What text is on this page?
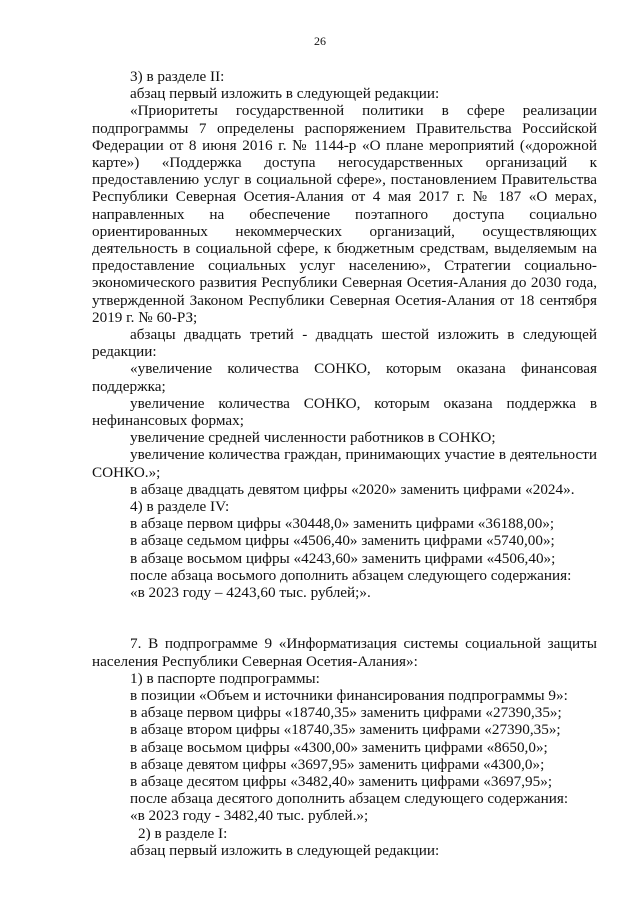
26

3) в разделе II:

абзац первый изложить в следующей редакции:

«Приоритеты государственной политики в сфере реализации подпрограммы 7 определены распоряжением Правительства Российской Федерации от 8 июня 2016 г. № 1144-р «О плане мероприятий («дорожной карте») «Поддержка доступа негосударственных организаций к предоставлению услуг в социальной сфере», постановлением Правительства Республики Северная Осетия-Алания от 4 мая 2017 г. № 187 «О мерах, направленных на обеспечение поэтапного доступа социально ориентированных некоммерческих организаций, осуществляющих деятельность в социальной сфере, к бюджетным средствам, выделяемым на предоставление социальных услуг населению», Стратегии социально-экономического развития Республики Северная Осетия-Алания до 2030 года, утвержденной Законом Республики Северная Осетия-Алания от 18 сентября 2019 г. № 60-РЗ;

абзацы двадцать третий - двадцать шестой изложить в следующей редакции:

«увеличение количества СОНКО, которым оказана финансовая поддержка;

увеличение количества СОНКО, которым оказана поддержка в нефинансовых формах;

увеличение средней численности работников в СОНКО;

увеличение количества граждан, принимающих участие в деятельности СОНКО.»;

в абзаце двадцать девятом цифры «2020» заменить цифрами «2024».

4) в разделе IV:

в абзаце первом цифры «30448,0» заменить цифрами «36188,00»;

в абзаце седьмом цифры «4506,40» заменить цифрами «5740,00»;

в абзаце восьмом цифры «4243,60» заменить цифрами «4506,40»;

после абзаца восьмого дополнить абзацем следующего содержания:

«в 2023 году – 4243,60 тыс. рублей;».

7. В подпрограмме 9 «Информатизация системы социальной защиты населения Республики Северная Осетия-Алания»:

1) в паспорте подпрограммы:

в позиции «Объем и источники финансирования подпрограммы 9»:

в абзаце первом цифры «18740,35» заменить цифрами «27390,35»;

в абзаце втором цифры «18740,35» заменить цифрами «27390,35»;

в абзаце восьмом цифры «4300,00» заменить цифрами «8650,0»;

в абзаце девятом цифры «3697,95» заменить цифрами «4300,0»;

в абзаце десятом цифры «3482,40» заменить цифрами «3697,95»;

после абзаца десятого дополнить абзацем следующего содержания:

«в 2023 году - 3482,40 тыс. рублей.»;

2) в разделе I:

абзац первый изложить в следующей редакции:
